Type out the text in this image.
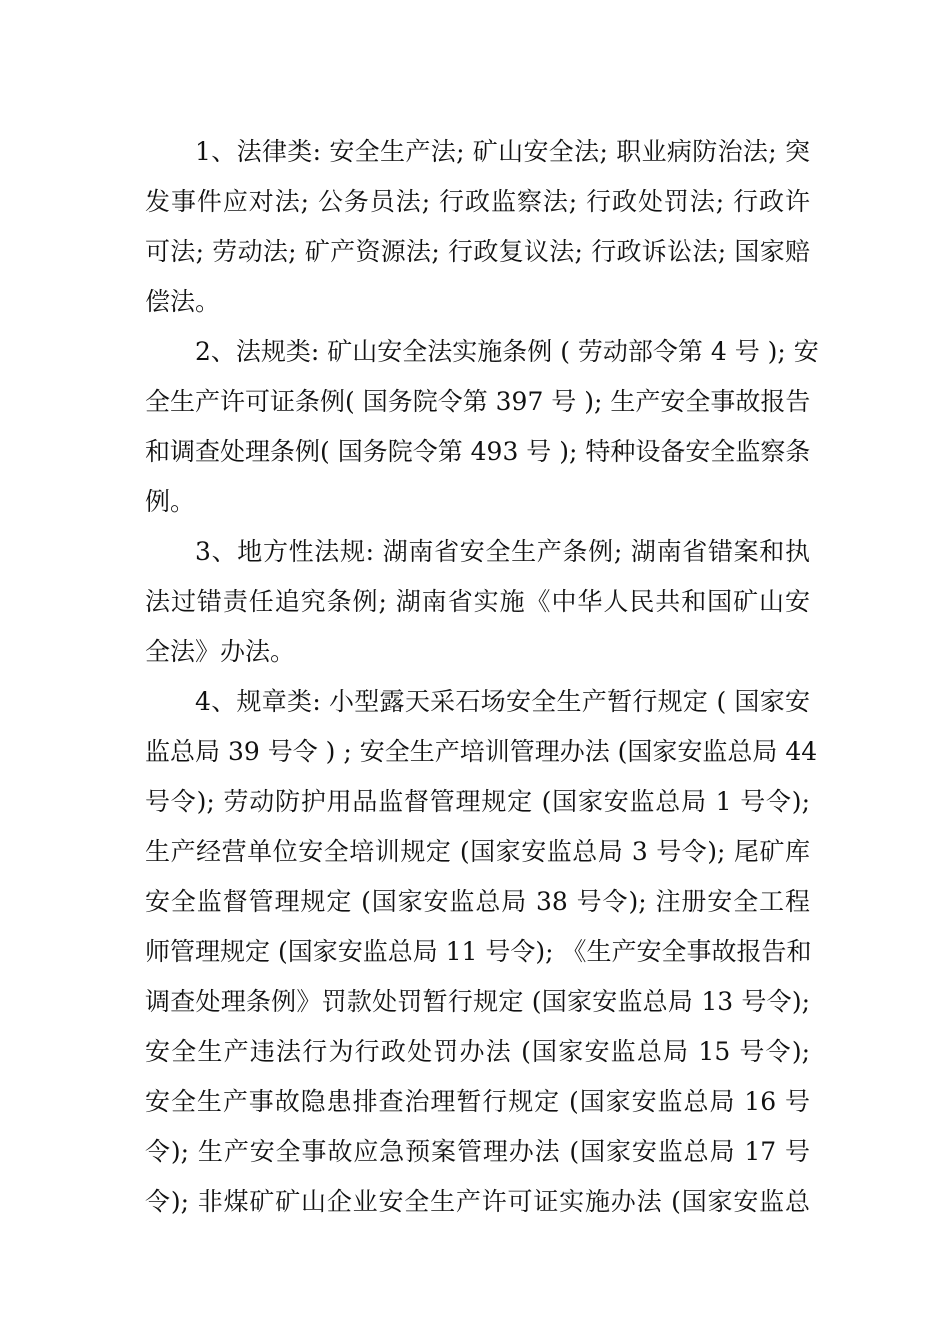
1、法律类: 安全生产法; 矿山安全法; 职业病防治法; 突
发事件应对法; 公务员法; 行政监察法; 行政处罚法; 行政许
可法; 劳动法; 矿产资源法; 行政复议法; 行政诉讼法; 国家赔
偿法。
2、法规类: 矿山安全法实施条例 ( 劳动部令第 4 号 ); 安
全生产许可证条例( 国务院令第 397 号 ); 生产安全事故报告
和调查处理条例( 国务院令第 493 号 ); 特种设备安全监察条
例。
3、地方性法规: 湖南省安全生产条例; 湖南省错案和执
法过错责任追究条例; 湖南省实施《中华人民共和国矿山安
全法》办法。
4、规章类: 小型露天采石场安全生产暂行规定 ( 国家安
监总局 39 号令 ) ; 安全生产培训管理办法 (国家安监总局 44
号令); 劳动防护用品监督管理规定 (国家安监总局 1 号令);
生产经营单位安全培训规定 (国家安监总局 3 号令); 尾矿库
安全监督管理规定 (国家安监总局 38 号令); 注册安全工程
师管理规定 (国家安监总局 11 号令); 《生产安全事故报告和
调查处理条例》罚款处罚暂行规定 (国家安监总局 13 号令);
安全生产违法行为行政处罚办法 (国家安监总局 15 号令);
安全生产事故隐患排查治理暂行规定 (国家安监总局 16 号
令); 生产安全事故应急预案管理办法 (国家安监总局 17 号
令); 非煤矿矿山企业安全生产许可证实施办法 (国家安监总
